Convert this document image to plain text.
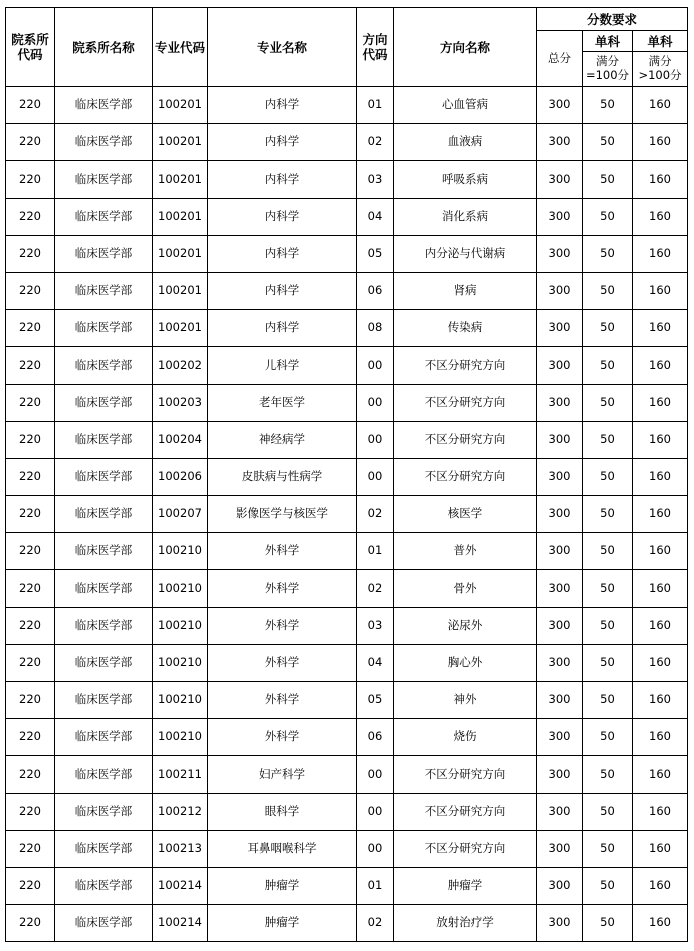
院系所代码	院系所名称	专业代码	专业名称	方向代码	方向名称	分数要求		
						总分	单科	单科
							满分=100分	满分>100分
220	临床医学部	100201	内科学	01	心血管病	300	50	160
220	临床医学部	100201	内科学	02	血液病	300	50	160
220	临床医学部	100201	内科学	03	呼吸系病	300	50	160
220	临床医学部	100201	内科学	04	消化系病	300	50	160
220	临床医学部	100201	内科学	05	内分泌与代谢病	300	50	160
220	临床医学部	100201	内科学	06	肾病	300	50	160
220	临床医学部	100201	内科学	08	传染病	300	50	160
220	临床医学部	100202	儿科学	00	不区分研究方向	300	50	160
220	临床医学部	100203	老年医学	00	不区分研究方向	300	50	160
220	临床医学部	100204	神经病学	00	不区分研究方向	300	50	160
220	临床医学部	100206	皮肤病与性病学	00	不区分研究方向	300	50	160
220	临床医学部	100207	影像医学与核医学	02	核医学	300	50	160
220	临床医学部	100210	外科学	01	普外	300	50	160
220	临床医学部	100210	外科学	02	骨外	300	50	160
220	临床医学部	100210	外科学	03	泌尿外	300	50	160
220	临床医学部	100210	外科学	04	胸心外	300	50	160
220	临床医学部	100210	外科学	05	神外	300	50	160
220	临床医学部	100210	外科学	06	烧伤	300	50	160
220	临床医学部	100211	妇产科学	00	不区分研究方向	300	50	160
220	临床医学部	100212	眼科学	00	不区分研究方向	300	50	160
220	临床医学部	100213	耳鼻咽喉科学	00	不区分研究方向	300	50	160
220	临床医学部	100214	肿瘤学	01	肿瘤学	300	50	160
220	临床医学部	100214	肿瘤学	02	放射治疗学	300	50	160
